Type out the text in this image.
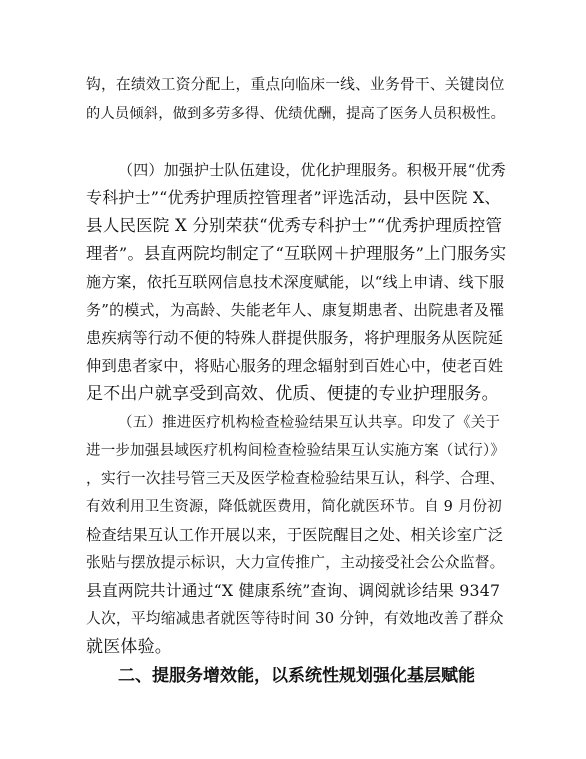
钩，在绩效工资分配上，重点向临床一线、业务骨干、关键岗位
的人员倾斜，做到多劳多得、优绩优酬，提高了医务人员积极性。
（四）加强护士队伍建设，优化护理服务。积极开展“优秀
专科护士”“优秀护理质控管理者”评选活动，县中医院 X、
县人民医院 X 分别荣获“优秀专科护士”“优秀护理质控管
理者”。县直两院均制定了“互联网＋护理服务”上门服务实
施方案，依托互联网信息技术深度赋能，以“线上申请、线下服
务”的模式，为高龄、失能老年人、康复期患者、出院患者及罹
患疾病等行动不便的特殊人群提供服务，将护理服务从医院延
伸到患者家中，将贴心服务的理念辐射到百姓心中，使老百姓
足不出户就享受到高效、优质、便捷的专业护理服务。
（五）推进医疗机构检查检验结果互认共享。印发了《关于
进一步加强县域医疗机构间检查检验结果互认实施方案（试行）》
，实行一次挂号管三天及医学检查检验结果互认，科学、合理、
有效利用卫生资源，降低就医费用，简化就医环节。自 9 月份初
检查结果互认工作开展以来，于医院醒目之处、相关诊室广泛
张贴与摆放提示标识，大力宣传推广，主动接受社会公众监督。
县直两院共计通过“X 健康系统”查询、调阅就诊结果 9347
人次，平均缩减患者就医等待时间 30 分钟，有效地改善了群众
就医体验。
二、提服务增效能，以系统性规划强化基层赋能
